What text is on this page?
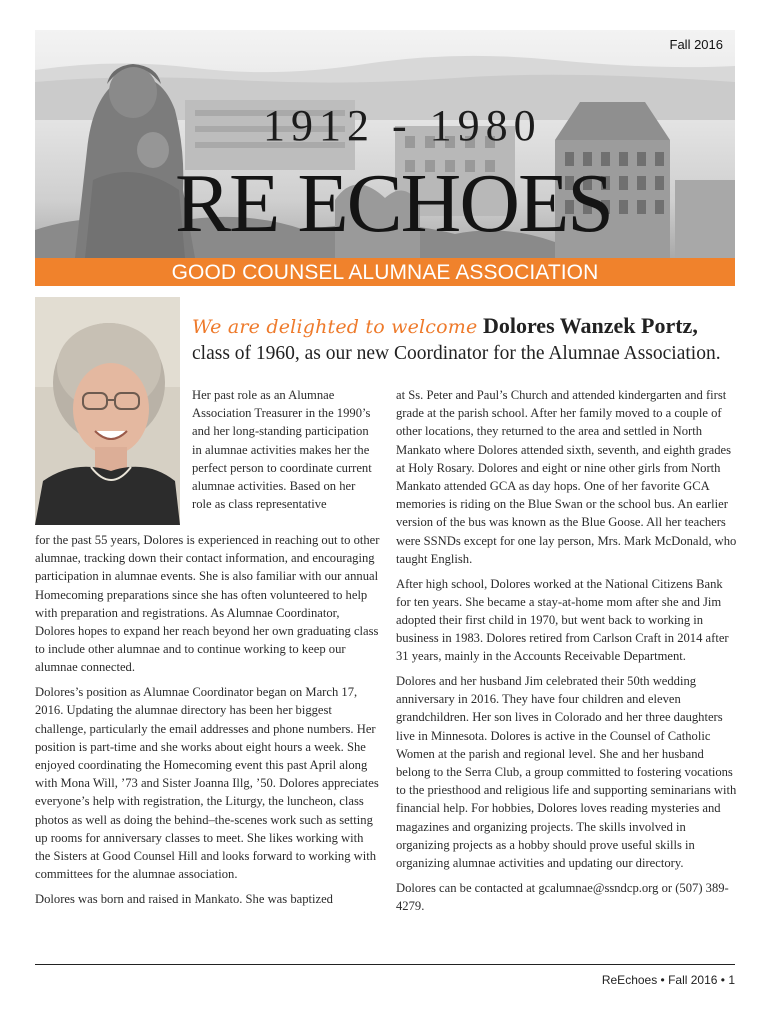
Fall 2016
1912 - 1980
RE ECHOES
GOOD COUNSEL ALUMNAE ASSOCIATION
We are delighted to welcome Dolores Wanzek Portz,
class of 1960, as our new Coordinator for the Alumnae Association.

Her past role as an Alumnae Association Treasurer in the 1990’s and her long-standing participation in alumnae activities makes her the perfect person to coordinate current alumnae activities. Based on her role as class representative

for the past 55 years, Dolores is experienced in reaching out to other alumnae, tracking down their contact information, and encouraging participation in alumnae events. She is also familiar with our annual Homecoming preparations since she has often volunteered to help with preparation and registrations. As Alumnae Coordinator, Dolores hopes to expand her reach beyond her own graduating class to include other alumnae and to continue working to keep our alumnae connected.

Dolores’s position as Alumnae Coordinator began on March 17, 2016. Updating the alumnae directory has been her biggest challenge, particularly the email addresses and phone numbers. Her position is part-time and she works about eight hours a week. She enjoyed coordinating the Homecoming event this past April along with Mona Will, ’73 and Sister Joanna Illg, ’50. Dolores appreciates everyone’s help with registration, the Liturgy, the luncheon, class photos as well as doing the behind–the-scenes work such as setting up rooms for anniversary classes to meet. She likes working with the Sisters at Good Counsel Hill and looks forward to working with committees for the alumnae association.

Dolores was born and raised in Mankato. She was baptized

at Ss. Peter and Paul’s Church and attended kindergarten and first grade at the parish school. After her family moved to a couple of other locations, they returned to the area and settled in North Mankato where Dolores attended sixth, seventh, and eighth grades at Holy Rosary. Dolores and eight or nine other girls from North Mankato attended GCA as day hops. One of her favorite GCA memories is riding on the Blue Swan or the school bus. An earlier version of the bus was known as the Blue Goose. All her teachers were SSNDs except for one lay person, Mrs. Mark McDonald, who taught English.

After high school, Dolores worked at the National Citizens Bank for ten years. She became a stay-at-home mom after she and Jim adopted their first child in 1970, but went back to working in business in 1983. Dolores retired from Carlson Craft in 2014 after 31 years, mainly in the Accounts Receivable Department.

Dolores and her husband Jim celebrated their 50th wedding anniversary in 2016. They have four children and eleven grandchildren. Her son lives in Colorado and her three daughters live in Minnesota. Dolores is active in the Counsel of Catholic Women at the parish and regional level. She and her husband belong to the Serra Club, a group committed to fostering vocations to the priesthood and religious life and supporting seminarians with financial help. For hobbies, Dolores loves reading mysteries and magazines and organizing projects. The skills involved in organizing projects as a hobby should prove useful skills in organizing alumnae activities and updating our directory.

Dolores can be contacted at gcalumnae@ssndcp.org or (507) 389-4279.

ReEchoes • Fall 2016 • 1
